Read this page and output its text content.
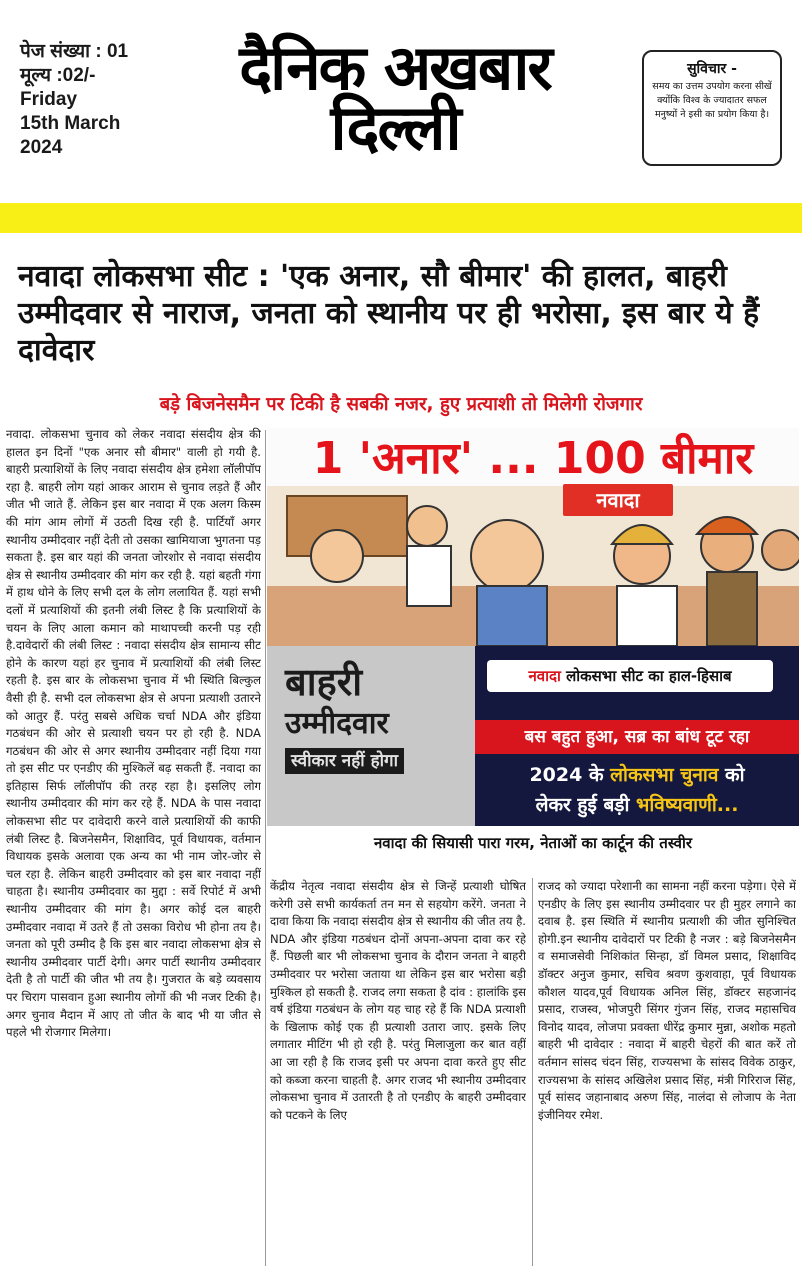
पेज संख्या : 01
मूल्य :02/-
Friday
15th March
2024
दैनिक अखबार
दिल्ली
सुविचार -
समय का उत्तम उपयोग करना सीखें क्योंकि विश्व के ज्यादातर सफल मनुष्यों ने इसी का प्रयोग किया है।
नवादा लोकसभा सीट : 'एक अनार, सौ बीमार' की हालत, बाहरी उम्मीदवार से नाराज, जनता को स्थानीय पर ही भरोसा, इस बार ये हैं दावेदार
बड़े बिजनेसमैन पर टिकी है सबकी नजर, हुए प्रत्याशी तो मिलेगी रोजगार

नवादा. लोकसभा चुनाव को लेकर नवादा संसदीय क्षेत्र की हालत इन दिनों "एक अनार सौ बीमार" वाली हो गयी है. बाहरी प्रत्याशियों के लिए नवादा संसदीय क्षेत्र हमेशा लॉलीपॉप रहा है. बाहरी लोग यहां आकर आराम से चुनाव लड़ते हैं और जीत भी जाते हैं. लेकिन इस बार नवादा में एक अलग किस्म की मांग आम लोगों में उठती दिख रही है. पार्टियाँ अगर स्थानीय उम्मीदवार नहीं देती तो उसका खामियाजा भुगतना पड़ सकता है. इस बार यहां की जनता जोरशोर से नवादा संसदीय क्षेत्र से स्थानीय उम्मीदवार की मांग कर रही है. यहां बहती गंगा में हाथ धोने के लिए सभी दल के लोग ललायित हैं. यहां सभी दलों में प्रत्याशियों की इतनी लंबी लिस्ट है कि प्रत्याशियों के चयन के लिए आला कमान को माथापच्ची करनी पड़ रही है.दावेदारों की लंबी लिस्ट : नवादा संसदीय क्षेत्र सामान्य सीट होने के कारण यहां हर चुनाव में प्रत्याशियों की लंबी लिस्ट रहती है. इस बार के लोकसभा चुनाव में भी स्थिति बिल्कुल वैसी ही है. सभी दल लोकसभा क्षेत्र से अपना प्रत्याशी उतारने को आतुर हैं. परंतु सबसे अधिक चर्चा NDA और इंडिया गठबंधन की ओर से प्रत्याशी चयन पर हो रही है. NDA गठबंधन की ओर से अगर स्थानीय उम्मीदवार नहीं दिया गया तो इस सीट पर एनडीए की मुश्किलें बढ़ सकती हैं. नवादा का इतिहास सिर्फ लॉलीपॉप की तरह रहा है। इसलिए लोग स्थानीय उम्मीदवार की मांग कर रहे हैं. NDA के पास नवादा लोकसभा सीट पर दावेदारी करने वाले प्रत्याशियों की काफी लंबी लिस्ट है. बिजनेसमैन, शिक्षाविद, पूर्व विधायक, वर्तमान विधायक इसके अलावा एक अन्य का भी नाम जोर-जोर से चल रहा है. लेकिन बाहरी उम्मीदवार को इस बार नवादा नहीं चाहता है। स्थानीय उम्मीदवार का मुद्दा : सर्वे रिपोर्ट में अभी स्थानीय उम्मीदवार की मांग है। अगर कोई दल बाहरी उम्मीदवार नवादा में उतरे हैं तो उसका विरोध भी होना तय है। जनता को पूरी उम्मीद है कि इस बार नवादा लोकसभा क्षेत्र से स्थानीय उम्मीदवार पार्टी देगी। अगर पार्टी स्थानीय उम्मीदवार देती है तो पार्टी की जीत भी तय है। गुजरात के बड़े व्यवसाय पर चिराग पासवान हुआ स्थानीय लोगों की भी नजर टिकी है। अगर चुनाव मैदान में आए तो जीत के बाद भी या जीत से पहले भी रोजगार मिलेगा।

1 'अनार' ... 100 बीमार
नवादा
बाहरी
उम्मीदवार
स्वीकार नहीं होगा
नवादा लोकसभा सीट का हाल-हिसाब
बस बहुत हुआ, सब्र का बांध टूट रहा
2024 के लोकसभा चुनाव को
लेकर हुई बड़ी भविष्यवाणी...
नवादा की सियासी पारा गरम, नेताओं का कार्टून की तस्वीर

केंद्रीय नेतृत्व नवादा संसदीय क्षेत्र से जिन्हें प्रत्याशी घोषित करेगी उसे सभी कार्यकर्ता तन मन से सहयोग करेंगे. जनता ने दावा किया कि नवादा संसदीय क्षेत्र से स्थानीय की जीत तय है. NDA और इंडिया गठबंधन दोनों अपना-अपना दावा कर रहे हैं. पिछली बार भी लोकसभा चुनाव के दौरान जनता ने बाहरी उम्मीदवार पर भरोसा जताया था लेकिन इस बार भरोसा बड़ी मुश्किल हो सकती है. राजद लगा सकता है दांव : हालांकि इस वर्ष इंडिया गठबंधन के लोग यह चाह रहे हैं कि NDA प्रत्याशी के खिलाफ कोई एक ही प्रत्याशी उतारा जाए. इसके लिए लगातार मीटिंग भी हो रही है. परंतु मिलाजुला कर बात वहीं आ जा रही है कि राजद इसी पर अपना दावा करते हुए सीट को कब्जा करना चाहती है. अगर राजद भी स्थानीय उम्मीदवार लोकसभा चुनाव में उतारती है तो एनडीए के बाहरी उम्मीदवार को पटकने के लिए

राजद को ज्यादा परेशानी का सामना नहीं करना पड़ेगा। ऐसे में एनडीए के लिए इस स्थानीय उम्मीदवार पर ही मुहर लगाने का दवाब है. इस स्थिति में स्थानीय प्रत्याशी की जीत सुनिश्चित होगी.इन स्थानीय दावेदारों पर टिकी है नजर : बड़े बिजनेसमैन व समाजसेवी निशिकांत सिन्हा, डॉ विमल प्रसाद, शिक्षाविद डॉक्टर अनुज कुमार, सचिव श्रवण कुशवाहा, पूर्व विधायक कौशल यादव,पूर्व विधायक अनिल सिंह, डॉक्टर सहजानंद प्रसाद, राजस्व, भोजपुरी सिंगर गुंजन सिंह, राजद महासचिव विनोद यादव, लोजपा प्रवक्ता धीरेंद्र कुमार मुन्ना, अशोक महतो बाहरी भी दावेदार : नवादा में बाहरी चेहरों की बात करें तो वर्तमान सांसद चंदन सिंह, राज्यसभा के सांसद विवेक ठाकुर, राज्यसभा के सांसद अखिलेश प्रसाद सिंह, मंत्री गिरिराज सिंह, पूर्व सांसद जहानाबाद अरुण सिंह, नालंदा से लोजाप के नेता इंजीनियर रमेश.
